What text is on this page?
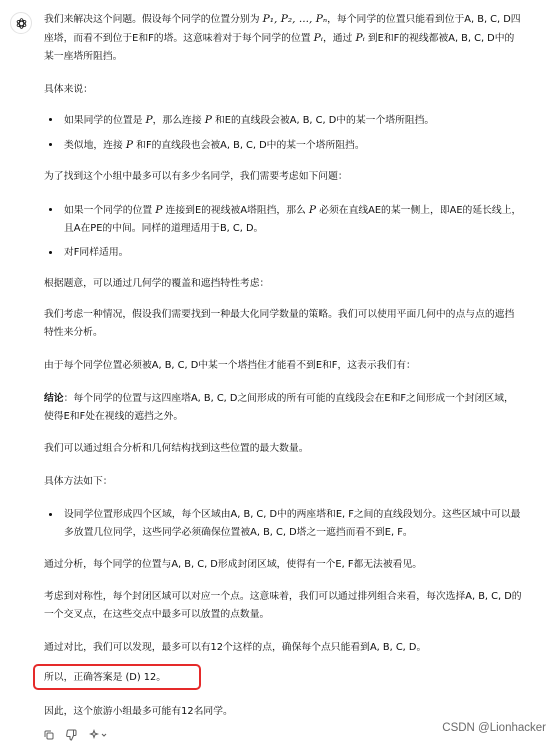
我们来解决这个问题。假设每个同学的位置分别为 P₁, P₂, ..., Pₙ，每个同学的位置只能看到位于A, B, C, D四座塔，而看不到位于E和F的塔。这意味着对于每个同学的位置 Pᵢ，通过 Pᵢ 到E和F的视线都被A, B, C, D中的某一座塔所阻挡。

具体来说：

如果同学的位置是 P，那么连接 P 和E的直线段会被A, B, C, D中的某一个塔所阻挡。

类似地，连接 P 和F的直线段也会被A, B, C, D中的某一个塔所阻挡。

为了找到这个小组中最多可以有多少名同学，我们需要考虑如下问题：

如果一个同学的位置 P 连接到E的视线被A塔阻挡，那么 P 必须在直线AE的某一侧上，即AE的延长线上，且A在PE的中间。同样的道理适用于B, C, D。

对F同样适用。

根据题意，可以通过几何学的覆盖和遮挡特性考虑：

我们考虑一种情况，假设我们需要找到一种最大化同学数量的策略。我们可以使用平面几何中的点与点的遮挡特性来分析。

由于每个同学位置必须被A, B, C, D中某一个塔挡住才能看不到E和F，这表示我们有：

结论：每个同学的位置与这四座塔A, B, C, D之间形成的所有可能的直线段会在E和F之间形成一个封闭区域，使得E和F处在视线的遮挡之外。

我们可以通过组合分析和几何结构找到这些位置的最大数量。

具体方法如下：

设同学位置形成四个区域，每个区域由A, B, C, D中的两座塔和E, F之间的直线段划分。这些区域中可以最多放置几位同学，这些同学必须确保位置被A, B, C, D塔之一遮挡而看不到E, F。

通过分析，每个同学的位置与A, B, C, D形成封闭区域，使得有一个E, F都无法被看见。

考虑到对称性，每个封闭区域可以对应一个点。这意味着，我们可以通过排列组合来看，每次选择A, B, C, D的一个交叉点，在这些交点中最多可以放置的点数量。

通过对比，我们可以发现，最多可以有12个这样的点，确保每个点只能看到A, B, C, D。

所以，正确答案是 (D) 12。

因此，这个旅游小组最多可能有12名同学。

CSDN @Lionhacker
